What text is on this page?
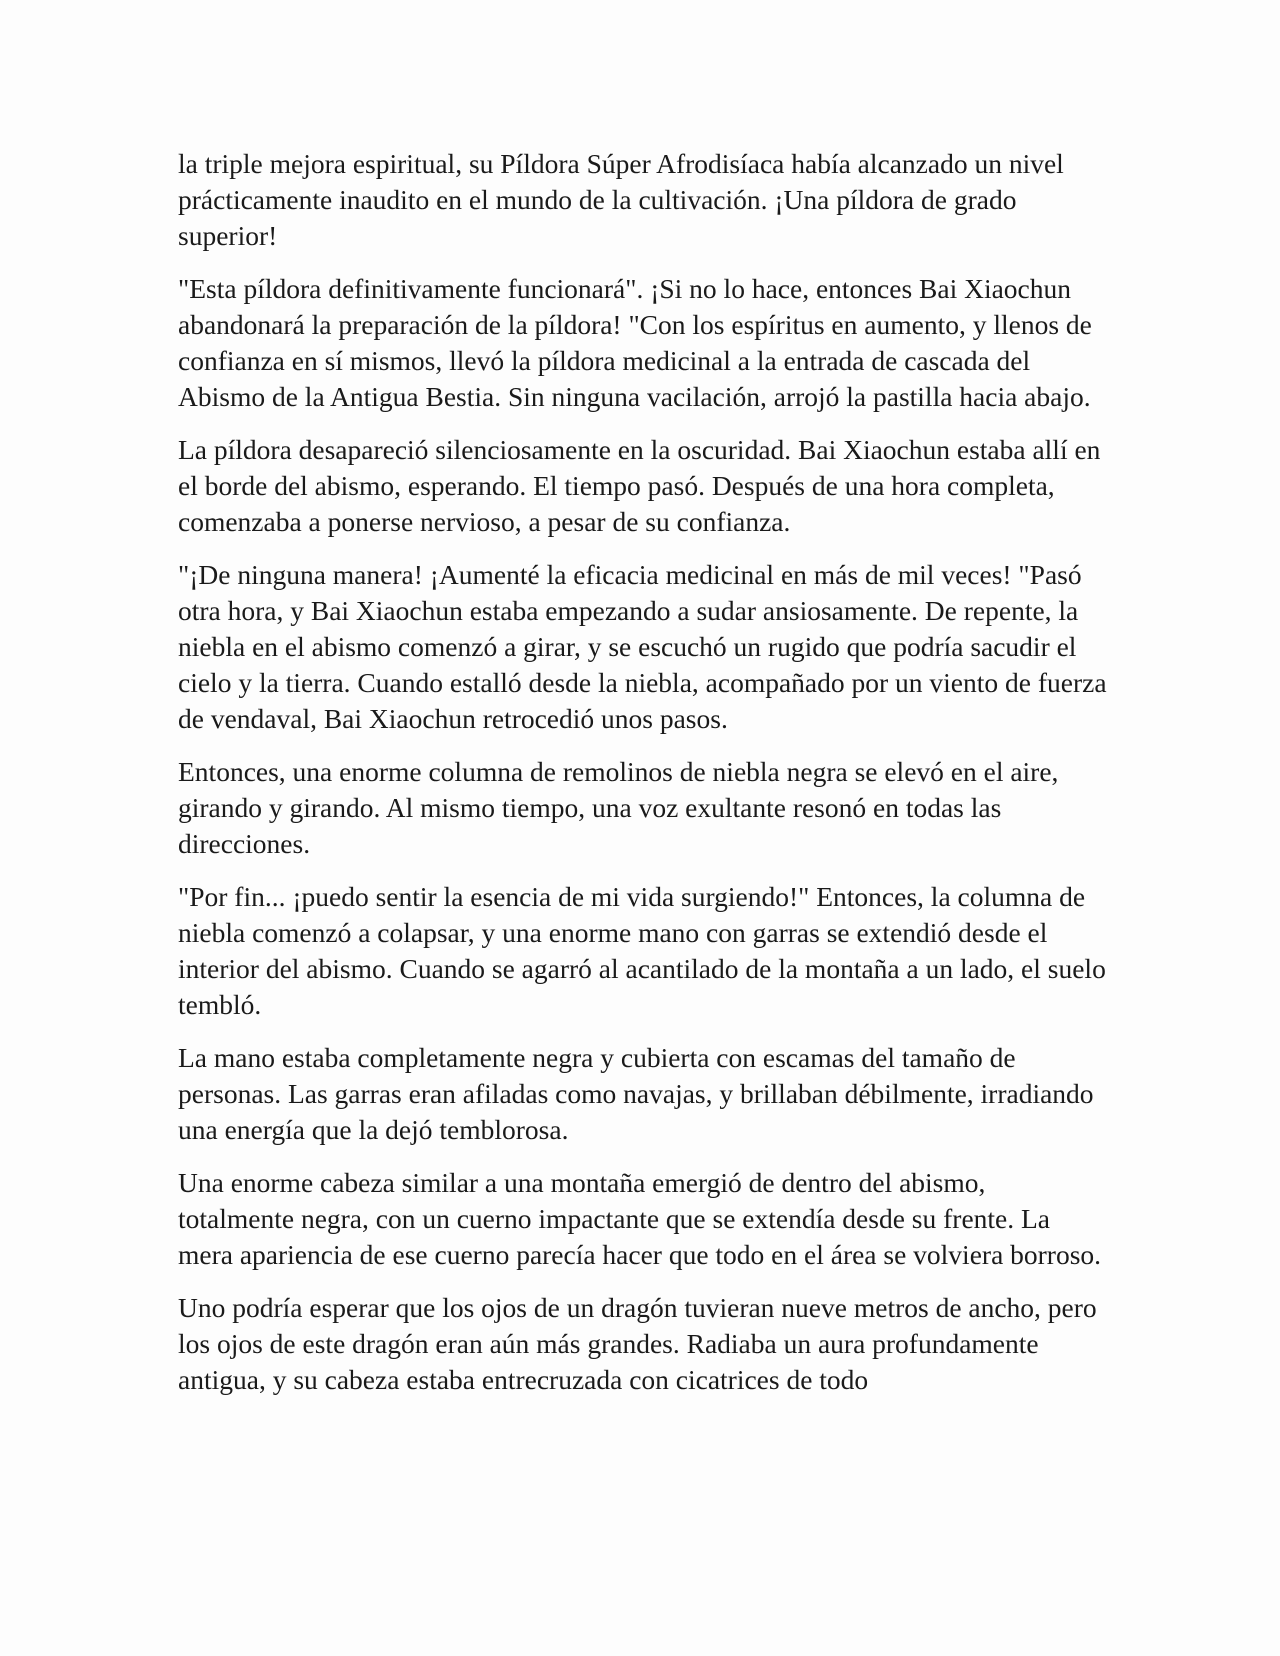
la triple mejora espiritual, su Píldora Súper Afrodisíaca había alcanzado un nivel prácticamente inaudito en el mundo de la cultivación. ¡Una píldora de grado superior!

"Esta píldora definitivamente funcionará". ¡Si no lo hace, entonces Bai Xiaochun abandonará la preparación de la píldora! "Con los espíritus en aumento, y llenos de confianza en sí mismos, llevó la píldora medicinal a la entrada de cascada del Abismo de la Antigua Bestia. Sin ninguna vacilación, arrojó la pastilla hacia abajo.

La píldora desapareció silenciosamente en la oscuridad. Bai Xiaochun estaba allí en el borde del abismo, esperando. El tiempo pasó. Después de una hora completa, comenzaba a ponerse nervioso, a pesar de su confianza.

"¡De ninguna manera! ¡Aumenté la eficacia medicinal en más de mil veces! "Pasó otra hora, y Bai Xiaochun estaba empezando a sudar ansiosamente. De repente, la niebla en el abismo comenzó a girar, y se escuchó un rugido que podría sacudir el cielo y la tierra. Cuando estalló desde la niebla, acompañado por un viento de fuerza de vendaval, Bai Xiaochun retrocedió unos pasos.

Entonces, una enorme columna de remolinos de niebla negra se elevó en el aire, girando y girando. Al mismo tiempo, una voz exultante resonó en todas las direcciones.

"Por fin... ¡puedo sentir la esencia de mi vida surgiendo!" Entonces, la columna de niebla comenzó a colapsar, y una enorme mano con garras se extendió desde el interior del abismo. Cuando se agarró al acantilado de la montaña a un lado, el suelo tembló.

La mano estaba completamente negra y cubierta con escamas del tamaño de personas. Las garras eran afiladas como navajas, y brillaban débilmente, irradiando una energía que la dejó temblorosa.

Una enorme cabeza similar a una montaña emergió de dentro del abismo, totalmente negra, con un cuerno impactante que se extendía desde su frente. La mera apariencia de ese cuerno parecía hacer que todo en el área se volviera borroso.

Uno podría esperar que los ojos de un dragón tuvieran nueve metros de ancho, pero los ojos de este dragón eran aún más grandes. Radiaba un aura profundamente antigua, y su cabeza estaba entrecruzada con cicatrices de todo
